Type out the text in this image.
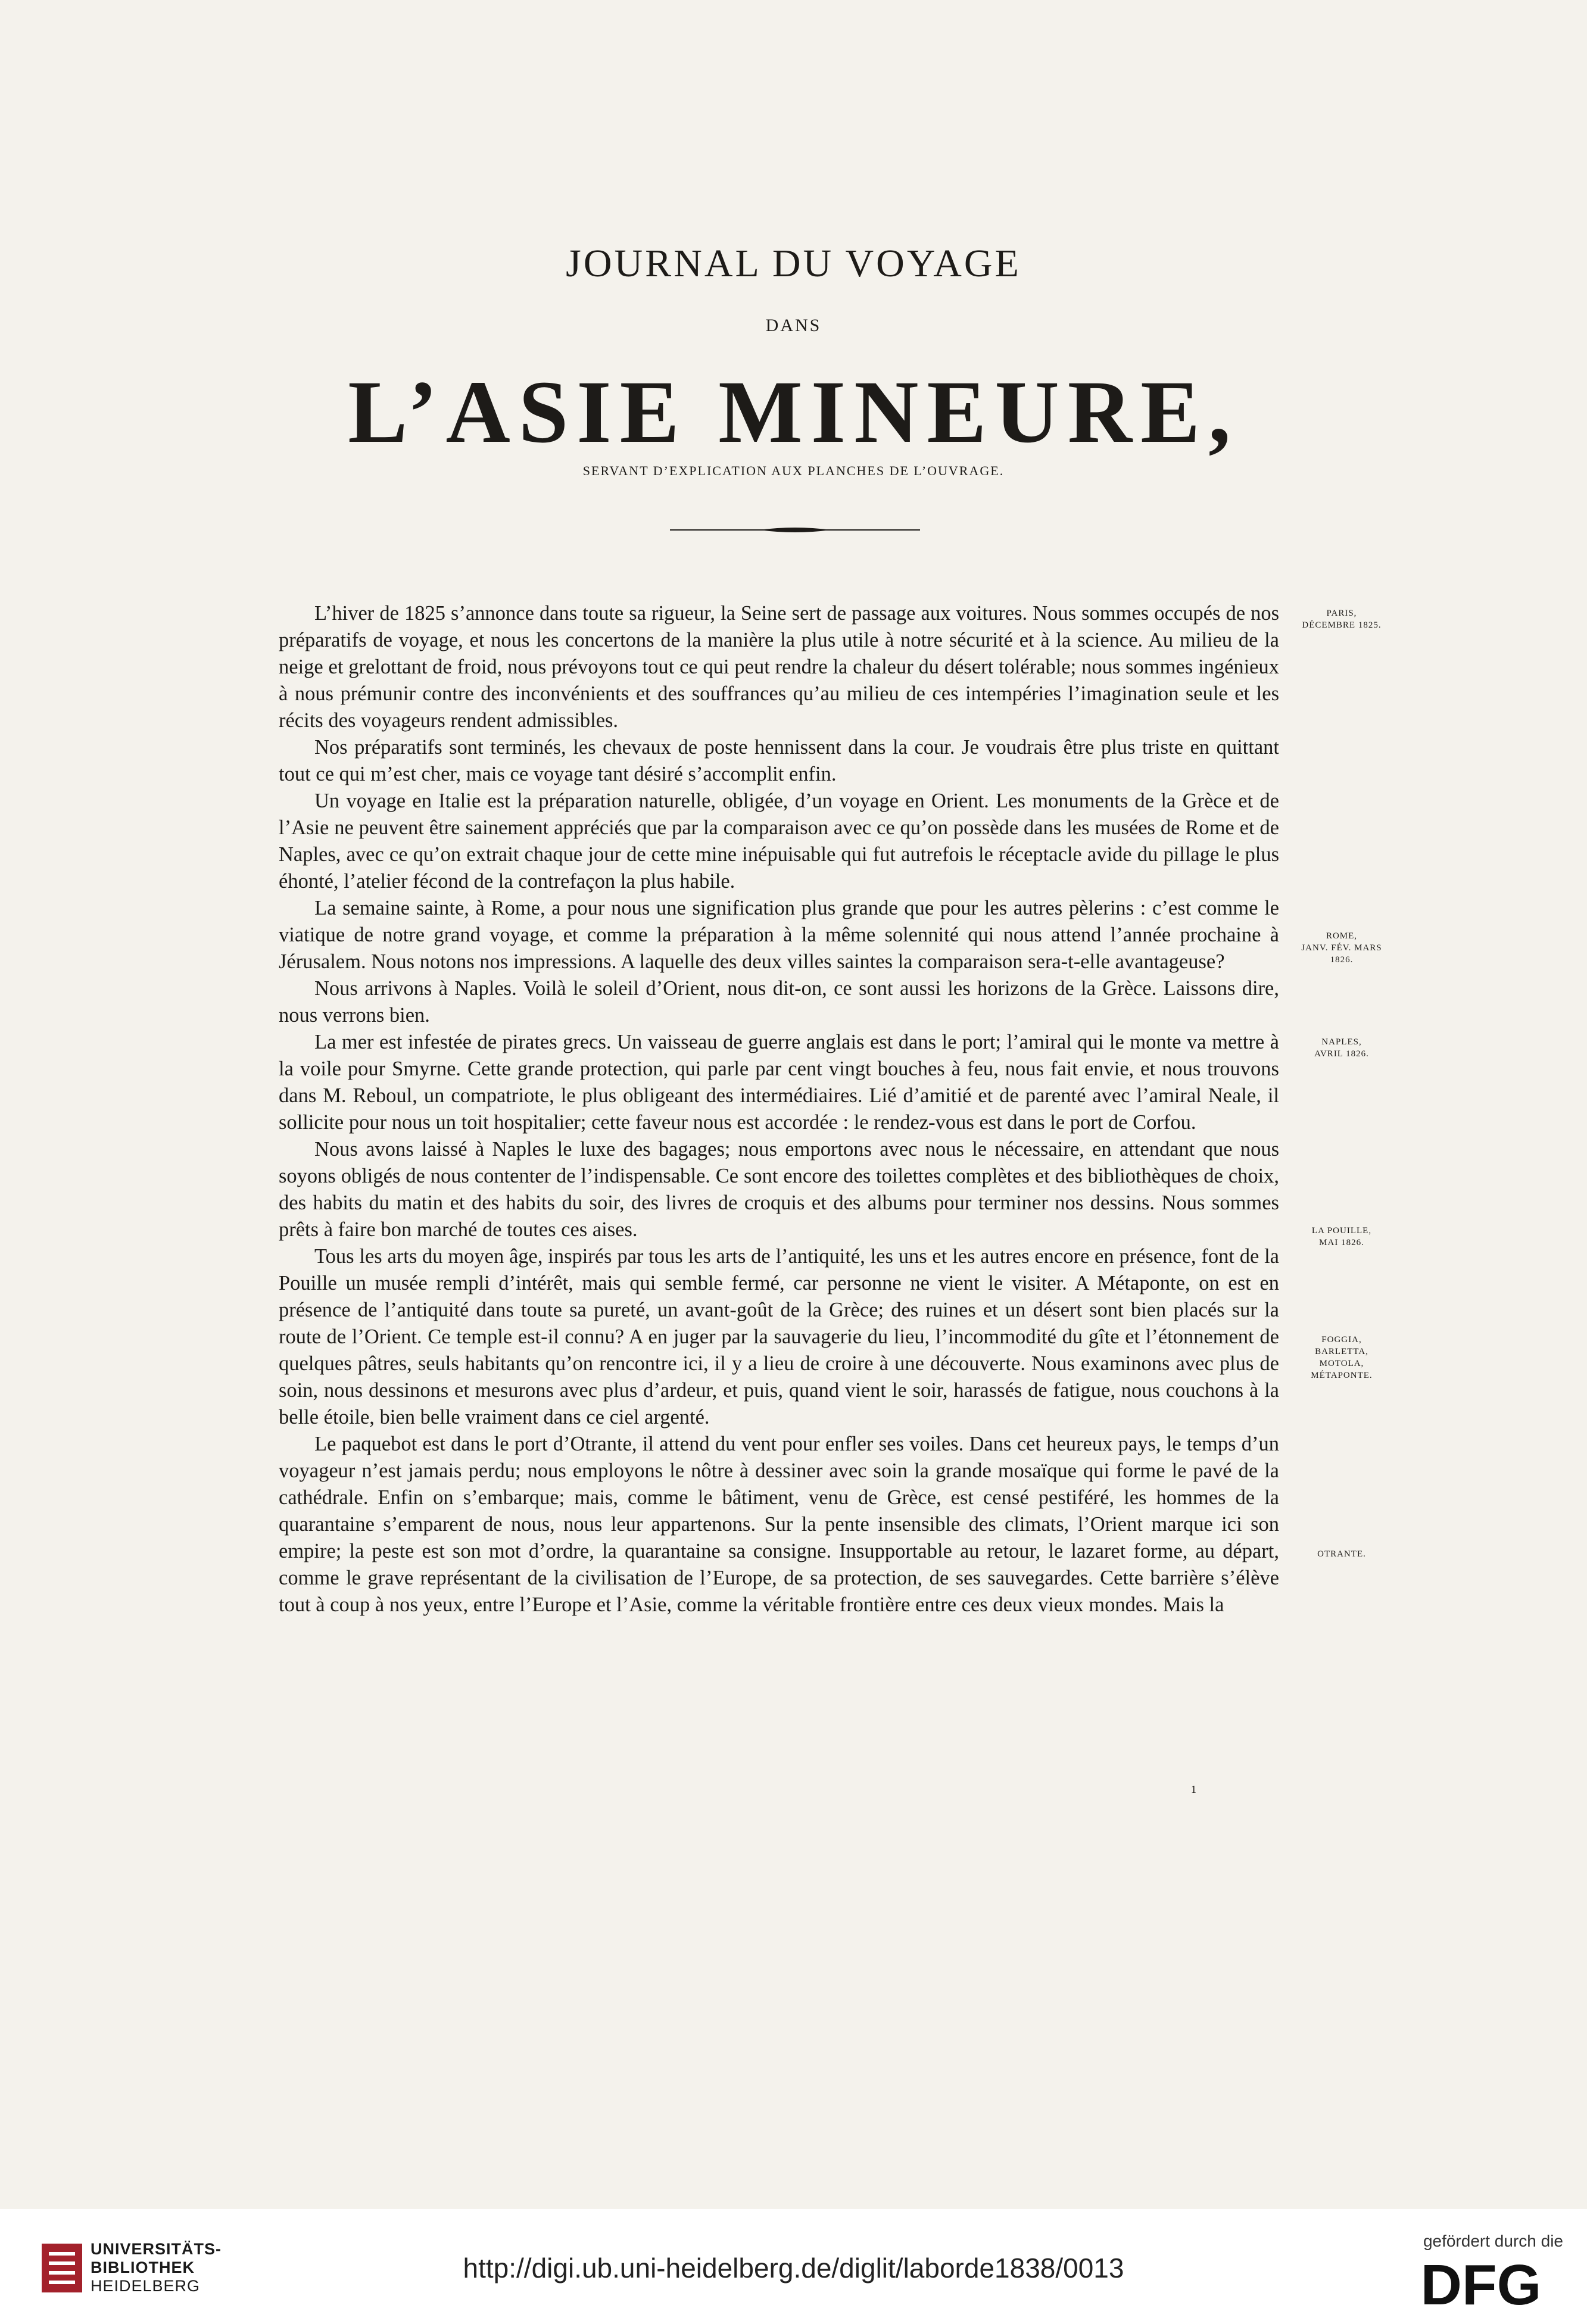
JOURNAL DU VOYAGE
DANS
L’ASIE MINEURE,
SERVANT D’EXPLICATION AUX PLANCHES DE L’OUVRAGE.

L’hiver de 1825 s’annonce dans toute sa rigueur, la Seine sert de passage aux voitures. Nous sommes occupés de nos préparatifs de voyage, et nous les concertons de la manière la plus utile à notre sécurité et à la science. Au milieu de la neige et grelottant de froid, nous prévoyons tout ce qui peut rendre la chaleur du désert tolérable; nous sommes ingénieux à nous prémunir contre des inconvénients et des souffrances qu’au milieu de ces intempéries l’imagination seule et les récits des voyageurs rendent admissibles.

Nos préparatifs sont terminés, les chevaux de poste hennissent dans la cour. Je voudrais être plus triste en quittant tout ce qui m’est cher, mais ce voyage tant désiré s’accomplit enfin.

Un voyage en Italie est la préparation naturelle, obligée, d’un voyage en Orient. Les monuments de la Grèce et de l’Asie ne peuvent être sainement appréciés que par la comparaison avec ce qu’on possède dans les musées de Rome et de Naples, avec ce qu’on extrait chaque jour de cette mine inépuisable qui fut autrefois le réceptacle avide du pillage le plus éhonté, l’atelier fécond de la contrefaçon la plus habile.

La semaine sainte, à Rome, a pour nous une signification plus grande que pour les autres pèlerins : c’est comme le viatique de notre grand voyage, et comme la préparation à la même solennité qui nous attend l’année prochaine à Jérusalem. Nous notons nos impressions. A laquelle des deux villes saintes la comparaison sera-t-elle avantageuse?

Nous arrivons à Naples. Voilà le soleil d’Orient, nous dit-on, ce sont aussi les horizons de la Grèce. Laissons dire, nous verrons bien.

La mer est infestée de pirates grecs. Un vaisseau de guerre anglais est dans le port; l’amiral qui le monte va mettre à la voile pour Smyrne. Cette grande protection, qui parle par cent vingt bouches à feu, nous fait envie, et nous trouvons dans M. Reboul, un compatriote, le plus obligeant des intermédiaires. Lié d’amitié et de parenté avec l’amiral Neale, il sollicite pour nous un toit hospitalier; cette faveur nous est accordée : le rendez-vous est dans le port de Corfou.

Nous avons laissé à Naples le luxe des bagages; nous emportons avec nous le nécessaire, en attendant que nous soyons obligés de nous contenter de l’indispensable. Ce sont encore des toilettes complètes et des bibliothèques de choix, des habits du matin et des habits du soir, des livres de croquis et des albums pour terminer nos dessins. Nous sommes prêts à faire bon marché de toutes ces aises.

Tous les arts du moyen âge, inspirés par tous les arts de l’antiquité, les uns et les autres encore en présence, font de la Pouille un musée rempli d’intérêt, mais qui semble fermé, car personne ne vient le visiter. A Métaponte, on est en présence de l’antiquité dans toute sa pureté, un avant-goût de la Grèce; des ruines et un désert sont bien placés sur la route de l’Orient. Ce temple est-il connu? A en juger par la sauvagerie du lieu, l’incommodité du gîte et l’étonnement de quelques pâtres, seuls habitants qu’on rencontre ici, il y a lieu de croire à une découverte. Nous examinons avec plus de soin, nous dessinons et mesurons avec plus d’ardeur, et puis, quand vient le soir, harassés de fatigue, nous couchons à la belle étoile, bien belle vraiment dans ce ciel argenté.

Le paquebot est dans le port d’Otrante, il attend du vent pour enfler ses voiles. Dans cet heureux pays, le temps d’un voyageur n’est jamais perdu; nous employons le nôtre à dessiner avec soin la grande mosaïque qui forme le pavé de la cathédrale. Enfin on s’embarque; mais, comme le bâtiment, venu de Grèce, est censé pestiféré, les hommes de la quarantaine s’emparent de nous, nous leur appartenons. Sur la pente insensible des climats, l’Orient marque ici son empire; la peste est son mot d’ordre, la quarantaine sa consigne. Insupportable au retour, le lazaret forme, au départ, comme le grave représentant de la civilisation de l’Europe, de sa protection, de ses sauvegardes. Cette barrière s’élève tout à coup à nos yeux, entre l’Europe et l’Asie, comme la véritable frontière entre ces deux vieux mondes. Mais la

PARIS,
DÉCEMBRE 1825.
ROME,
JANV. FÉV. MARS 1826.
NAPLES,
AVRIL 1826.
LA POUILLE,
MAI 1826.
FOGGIA,
BARLETTA,
MOTOLA,
MÉTAPONTE.
OTRANTE.
1
UNIVERSITÄTS-
BIBLIOTHEK
HEIDELBERG
http://digi.ub.uni-heidelberg.de/diglit/laborde1838/0013
gefördert durch die
DFG
